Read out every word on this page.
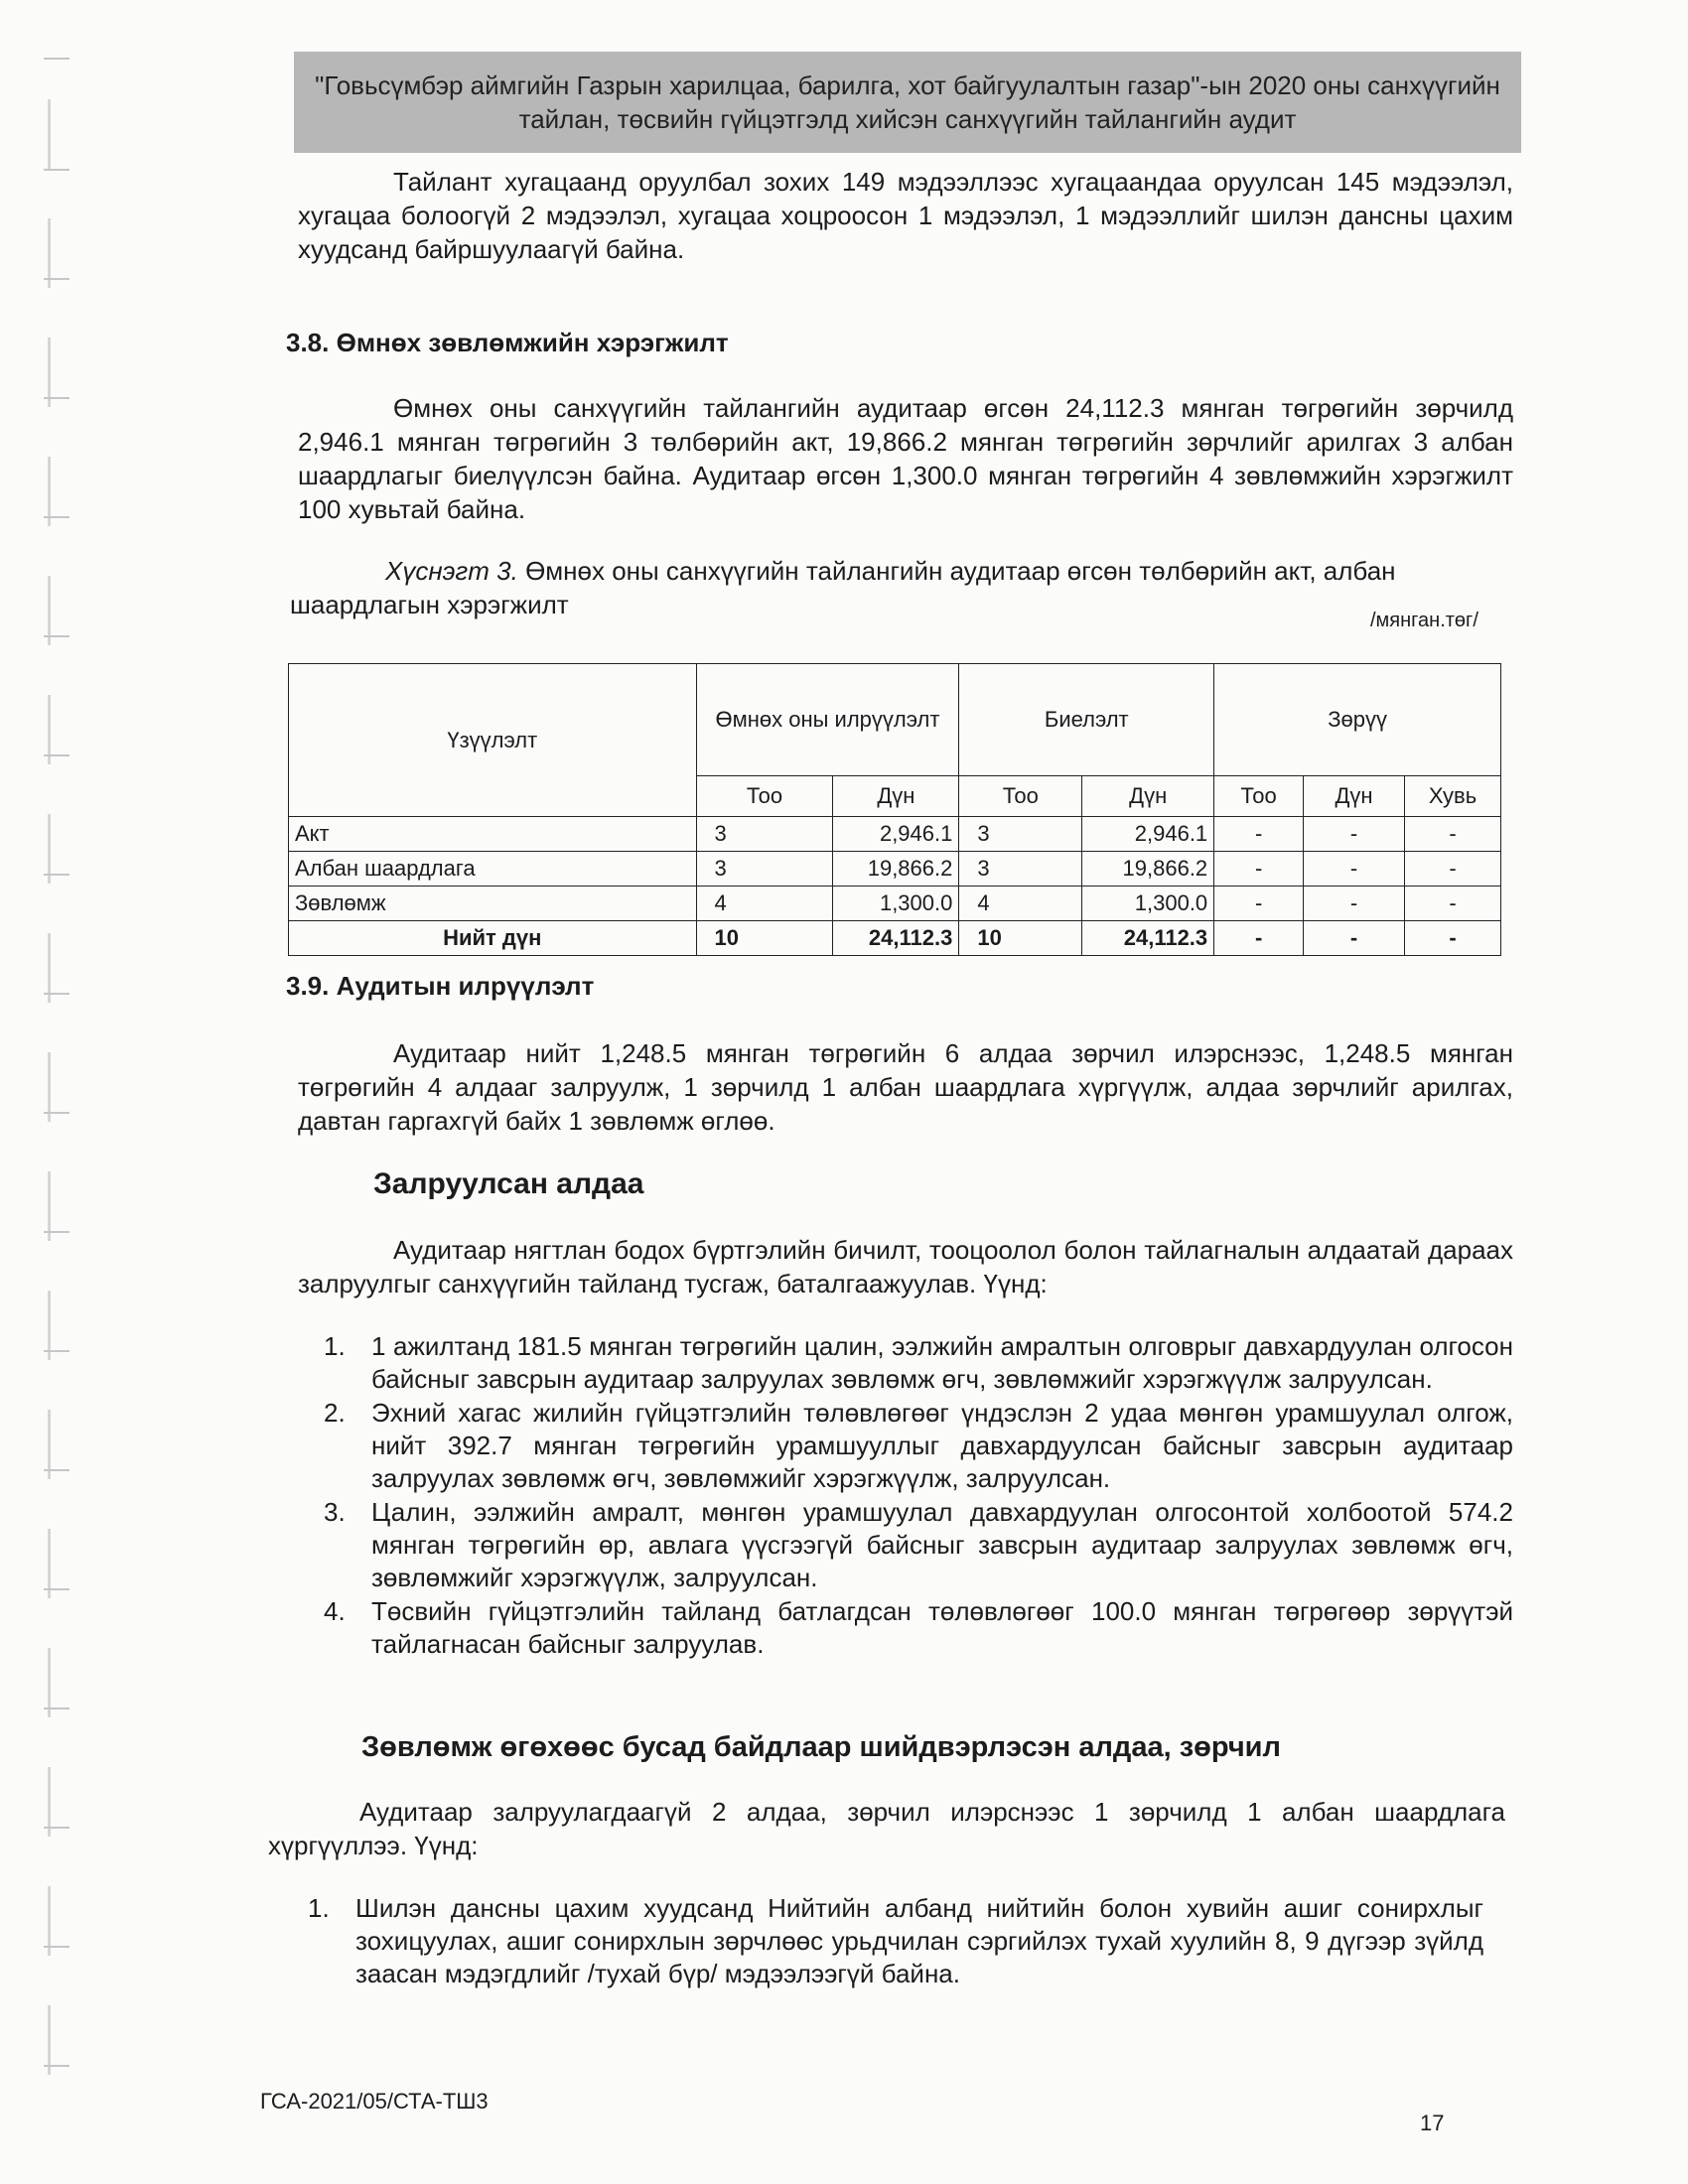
"Говьсүмбэр аймгийн Газрын харилцаа, барилга, хот байгуулалтын газар"-ын 2020 оны санхүүгийн
тайлан, төсвийн гүйцэтгэлд хийсэн санхүүгийн тайлангийн аудит

Тайлант хугацаанд оруулбал зохих 149 мэдээллээс хугацаандаа оруулсан 145 мэдээлэл, хугацаа болоогүй 2 мэдээлэл, хугацаа хоцроосон 1 мэдээлэл, 1 мэдээллийг шилэн дансны цахим хуудсанд байршуулаагүй байна.

3.8. Өмнөх зөвлөмжийн хэрэгжилт

Өмнөх оны санхүүгийн тайлангийн аудитаар өгсөн 24,112.3 мянган төгрөгийн зөрчилд 2,946.1 мянган төгрөгийн 3 төлбөрийн акт, 19,866.2 мянган төгрөгийн зөрчлийг арилгах 3 албан шаардлагыг биелүүлсэн байна. Аудитаар өгсөн 1,300.0 мянган төгрөгийн 4 зөвлөмжийн хэрэгжилт 100 хувьтай байна.

Хүснэгт 3. Өмнөх оны санхүүгийн тайлангийн аудитаар өгсөн төлбөрийн акт, албан шаардлагын хэрэгжилт

/мянган.төг/
Үзүүлэлт	Өмнөх оны илрүүлэлт		Биелэлт		Зөрүү		
	Тоо	Дүн	Тоо	Дүн	Тоо	Дүн	Хувь
Акт	3	2,946.1	3	2,946.1	-	-	-
Албан шаардлага	3	19,866.2	3	19,866.2	-	-	-
Зөвлөмж	4	1,300.0	4	1,300.0	-	-	-
Нийт дүн	10	24,112.3	10	24,112.3	-	-	-
3.9. Аудитын илрүүлэлт

Аудитаар нийт 1,248.5 мянган төгрөгийн 6 алдаа зөрчил илэрснээс, 1,248.5 мянган төгрөгийн 4 алдааг залруулж, 1 зөрчилд 1 албан шаардлага хүргүүлж, алдаа зөрчлийг арилгах, давтан гаргахгүй байх 1 зөвлөмж өглөө.

Залруулсан алдаа

Аудитаар нягтлан бодох бүртгэлийн бичилт, тооцоолол болон тайлагналын алдаатай дараах залруулгыг санхүүгийн тайланд тусгаж, баталгаажуулав. Үүнд:

1. 1 ажилтанд 181.5 мянган төгрөгийн цалин, ээлжийн амралтын олговрыг давхардуулан олгосон байсныг завсрын аудитаар залруулах зөвлөмж өгч, зөвлөмжийг хэрэгжүүлж залруулсан.
2. Эхний хагас жилийн гүйцэтгэлийн төлөвлөгөөг үндэслэн 2 удаа мөнгөн урамшуулал олгож, нийт 392.7 мянган төгрөгийн урамшууллыг давхардуулсан байсныг завсрын аудитаар залруулах зөвлөмж өгч, зөвлөмжийг хэрэгжүүлж, залруулсан.
3. Цалин, ээлжийн амралт, мөнгөн урамшуулал давхардуулан олгосонтой холбоотой 574.2 мянган төгрөгийн өр, авлага үүсгээгүй байсныг завсрын аудитаар залруулах зөвлөмж өгч, зөвлөмжийг хэрэгжүүлж, залруулсан.
4. Төсвийн гүйцэтгэлийн тайланд батлагдсан төлөвлөгөөг 100.0 мянган төгрөгөөр зөрүүтэй тайлагнасан байсныг залруулав.
Зөвлөмж өгөхөөс бусад байдлаар шийдвэрлэсэн алдаа, зөрчил

Аудитаар залруулагдаагүй 2 алдаа, зөрчил илэрснээс 1 зөрчилд 1 албан шаардлага хүргүүллээ. Үүнд:

1. Шилэн дансны цахим хуудсанд Нийтийн албанд нийтийн болон хувийн ашиг сонирхлыг зохицуулах, ашиг сонирхлын зөрчлөөс урьдчилан сэргийлэх тухай хуулийн 8, 9 дүгээр зүйлд заасан мэдэгдлийг /тухай бүр/ мэдээлээгүй байна.
ГСА-2021/05/СТА-ТШ3
17
